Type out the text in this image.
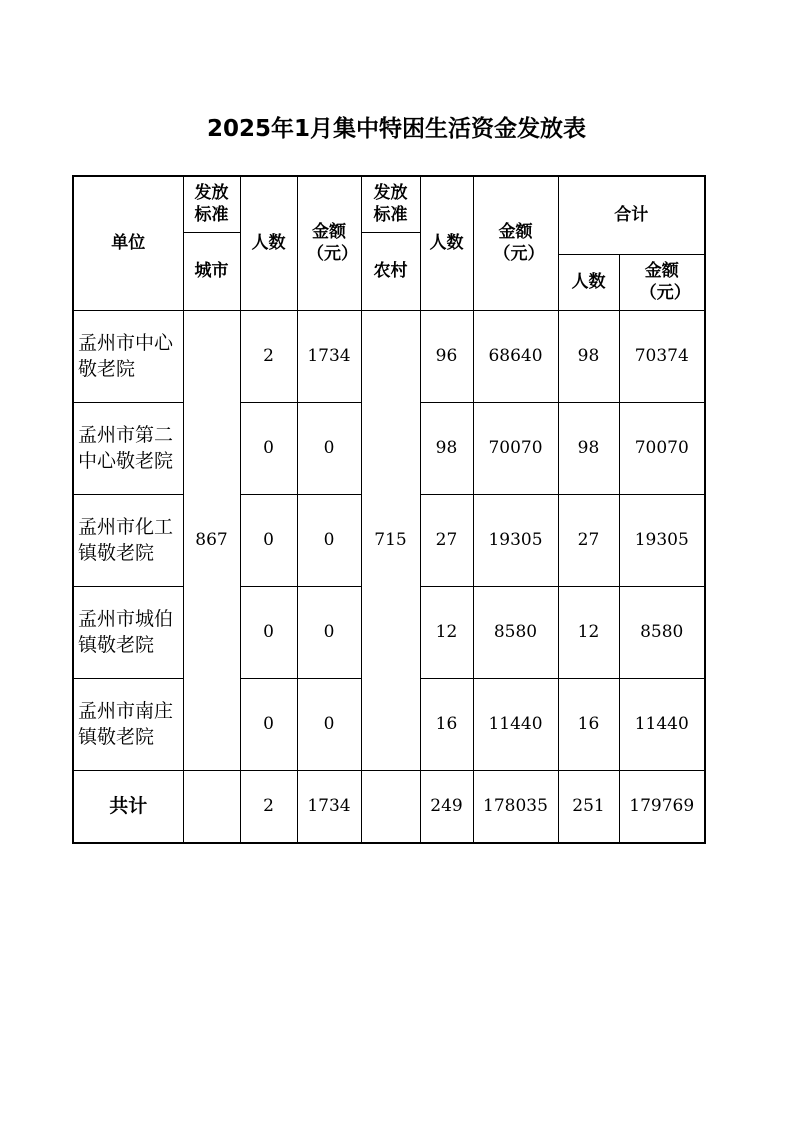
2025年1月集中特困生活资金发放表
单位	发放标准	人数	金额（元）	发放标准	人数	金额（元）	合计	
	城市			农村				
							人数	金额（元）
孟州市中心敬老院	867	2	1734	715	96	68640	98	70374
孟州市第二中心敬老院		0	0		98	70070	98	70070
孟州市化工镇敬老院		0	0		27	19305	27	19305
孟州市城伯镇敬老院		0	0		12	8580	12	8580
孟州市南庄镇敬老院		0	0		16	11440	16	11440
共计		2	1734		249	178035	251	179769
